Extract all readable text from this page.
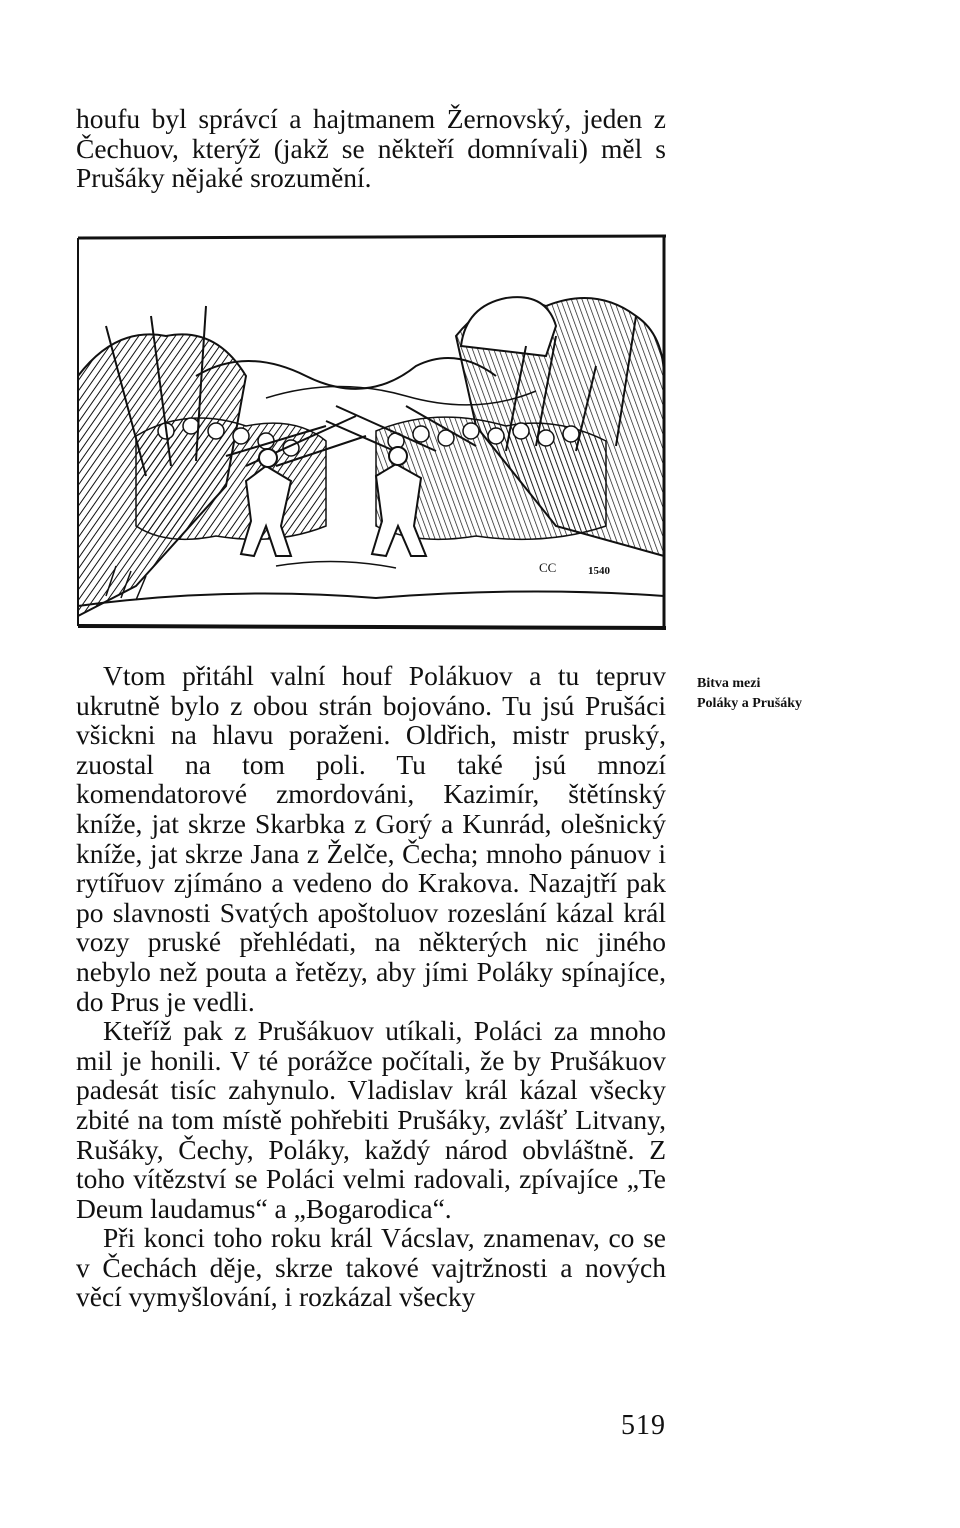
houfu byl správcí a hajtmanem Žernovský, jeden z Čechuov, kterýž (jakž se někteří domnívali) měl s Prušáky nějaké srozumění.

CC	1540

Vtom přitáhl valní houf Polákuov a tu tepruv ukrutně bylo z obou strán bojováno. Tu jsú Prušáci všickni na hlavu poraženi. Oldřich, mistr pruský, zuostal na tom poli. Tu také jsú mnozí komendatorové zmordováni, Kazimír, štětínský kníže, jat skrze Skarbka z Gorý a Kunrád, olešnický kníže, jat skrze Jana z Želče, Čecha; mnoho pánuov i rytířuov zjímáno a vedeno do Krakova. Nazajtří pak po slavnosti Svatých apoštoluov rozeslání kázal král vozy pruské přehlédati, na některých nic jiného nebylo než pouta a řetězy, aby jími Poláky spínajíce, do Prus je vedli.

Kteříž pak z Prušákuov utíkali, Poláci za mnoho mil je honili. V té porážce počítali, že by Prušákuov padesát tisíc zahynulo. Vladislav král kázal všecky zbité na tom místě pohřebiti Prušáky, zvlášť Litvany, Rušáky, Čechy, Poláky, každý národ obvláštně. Z toho vítězství se Poláci velmi radovali, zpívajíce „Te Deum laudamus“ a „Bogarodica“.

Při konci toho roku král Vácslav, znamenav, co se v Čechách děje, skrze takové vajtržnosti a nových věcí vymyšlování, i rozkázal všecky

Bitva mezi
Poláky a Prušáky
519
